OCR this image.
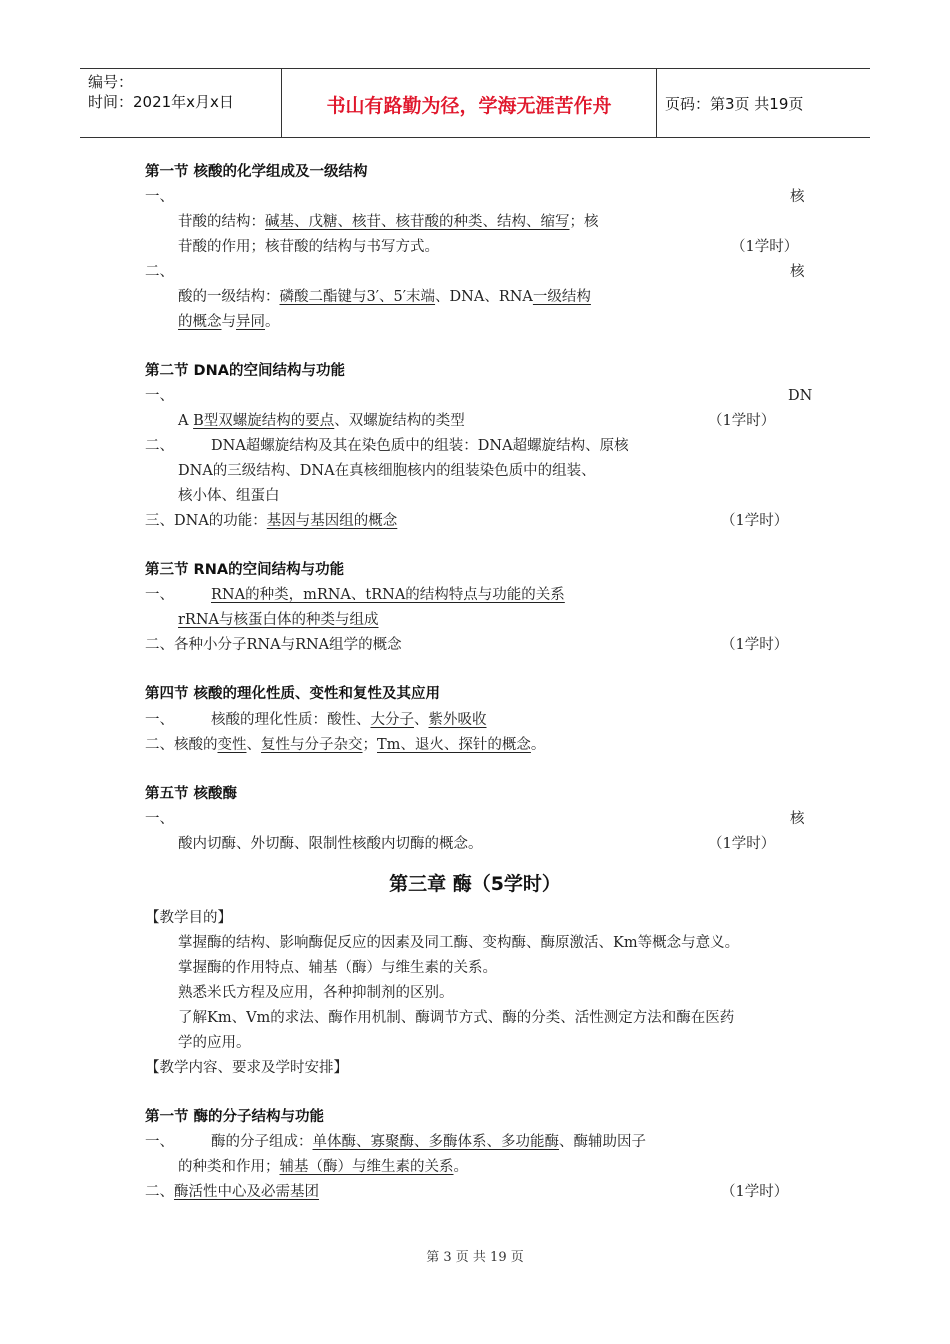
编号：
时间：2021年x月x日	书山有路勤为径，学海无涯苦作舟	页码：第3页 共19页
第一节 核酸的化学组成及一级结构
一、	核
苷酸的结构：碱基、戊糖、核苷、核苷酸的种类、结构、缩写；核
苷酸的作用；核苷酸的结构与书写方式。	（1学时）
二、	核
酸的一级结构：磷酸二酯键与3′、5′末端、DNA、RNA一级结构
的概念与异同。
第二节 DNA的空间结构与功能
一、	DN
A B型双螺旋结构的要点、双螺旋结构的类型	（1学时）
二、	DNA超螺旋结构及其在染色质中的组装：DNA超螺旋结构、原核
DNA的三级结构、DNA在真核细胞核内的组装染色质中的组装、
核小体、组蛋白
三、DNA的功能：基因与基因组的概念	（1学时）
第三节 RNA的空间结构与功能
一、	RNA的种类，mRNA、tRNA的结构特点与功能的关系
rRNA与核蛋白体的种类与组成
二、各种小分子RNA与RNA组学的概念	（1学时）
第四节 核酸的理化性质、变性和复性及其应用
一、	核酸的理化性质：酸性、大分子、紫外吸收
二、核酸的变性、复性与分子杂交；Tm、退火、探针的概念。
第五节 核酸酶
一、	核
酸内切酶、外切酶、限制性核酸内切酶的概念。	（1学时）
第三章 酶（5学时）
【教学目的】
掌握酶的结构、影响酶促反应的因素及同工酶、变构酶、酶原激活、Km等概念与意义。
掌握酶的作用特点、辅基（酶）与维生素的关系。
熟悉米氏方程及应用，各种抑制剂的区别。
了解Km、Vm的求法、酶作用机制、酶调节方式、酶的分类、活性测定方法和酶在医药
学的应用。
【教学内容、要求及学时安排】
第一节 酶的分子结构与功能
一、	酶的分子组成：单体酶、寡聚酶、多酶体系、多功能酶、酶辅助因子
的种类和作用；辅基（酶）与维生素的关系。
二、酶活性中心及必需基团	（1学时）
第 3 页 共 19 页
